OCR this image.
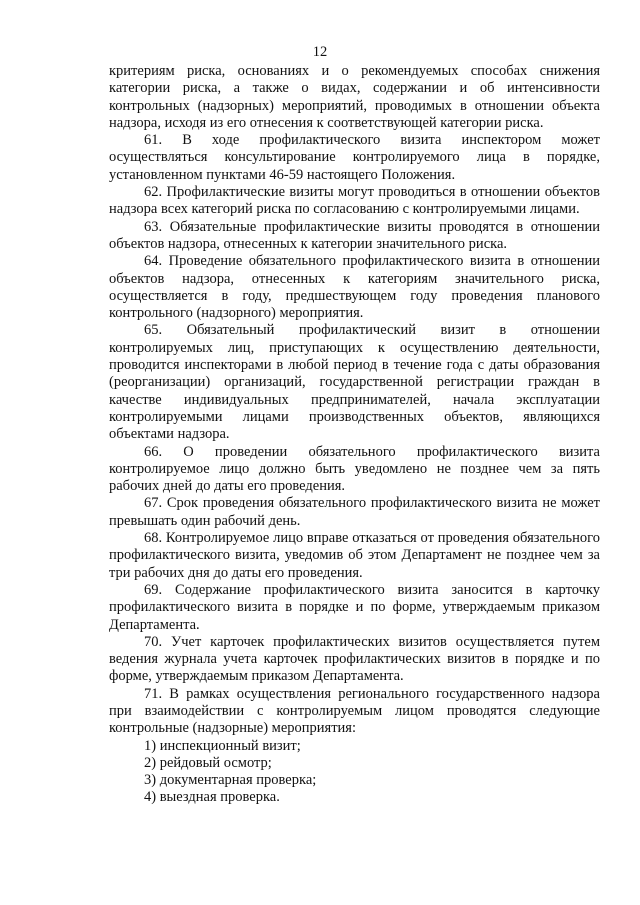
12

критериям риска, основаниях и о рекомендуемых способах снижения категории риска, а также о видах, содержании и об интенсивности контрольных (надзорных) мероприятий, проводимых в отношении объекта надзора, исходя из его отнесения к соответствующей категории риска.

61. В ходе профилактического визита инспектором может осуществляться консультирование контролируемого лица в порядке, установленном пунктами 46-59 настоящего Положения.

62. Профилактические визиты могут проводиться в отношении объектов надзора всех категорий риска по согласованию с контролируемыми лицами.

63. Обязательные профилактические визиты проводятся в отношении объектов надзора, отнесенных к категории значительного риска.

64. Проведение обязательного профилактического визита в отношении объектов надзора, отнесенных к категориям значительного риска, осуществляется в году, предшествующем году проведения планового контрольного (надзорного) мероприятия.

65. Обязательный профилактический визит в отношении контролируемых лиц, приступающих к осуществлению деятельности, проводится инспекторами в любой период в течение года с даты образования (реорганизации) организаций, государственной регистрации граждан в качестве индивидуальных предпринимателей, начала эксплуатации контролируемыми лицами производственных объектов, являющихся объектами надзора.

66. О проведении обязательного профилактического визита контролируемое лицо должно быть уведомлено не позднее чем за пять рабочих дней до даты его проведения.

67. Срок проведения обязательного профилактического визита не может превышать один рабочий день.

68. Контролируемое лицо вправе отказаться от проведения обязательного профилактического визита, уведомив об этом Департамент не позднее чем за три рабочих дня до даты его проведения.

69. Содержание профилактического визита заносится в карточку профилактического визита в порядке и по форме, утверждаемым приказом Департамента.

70. Учет карточек профилактических визитов осуществляется путем ведения журнала учета карточек профилактических визитов в порядке и по форме, утверждаемым приказом Департамента.

71. В рамках осуществления регионального государственного надзора при взаимодействии с контролируемым лицом проводятся следующие контрольные (надзорные) мероприятия:

1) инспекционный визит;

2) рейдовый осмотр;

3) документарная проверка;

4) выездная проверка.
